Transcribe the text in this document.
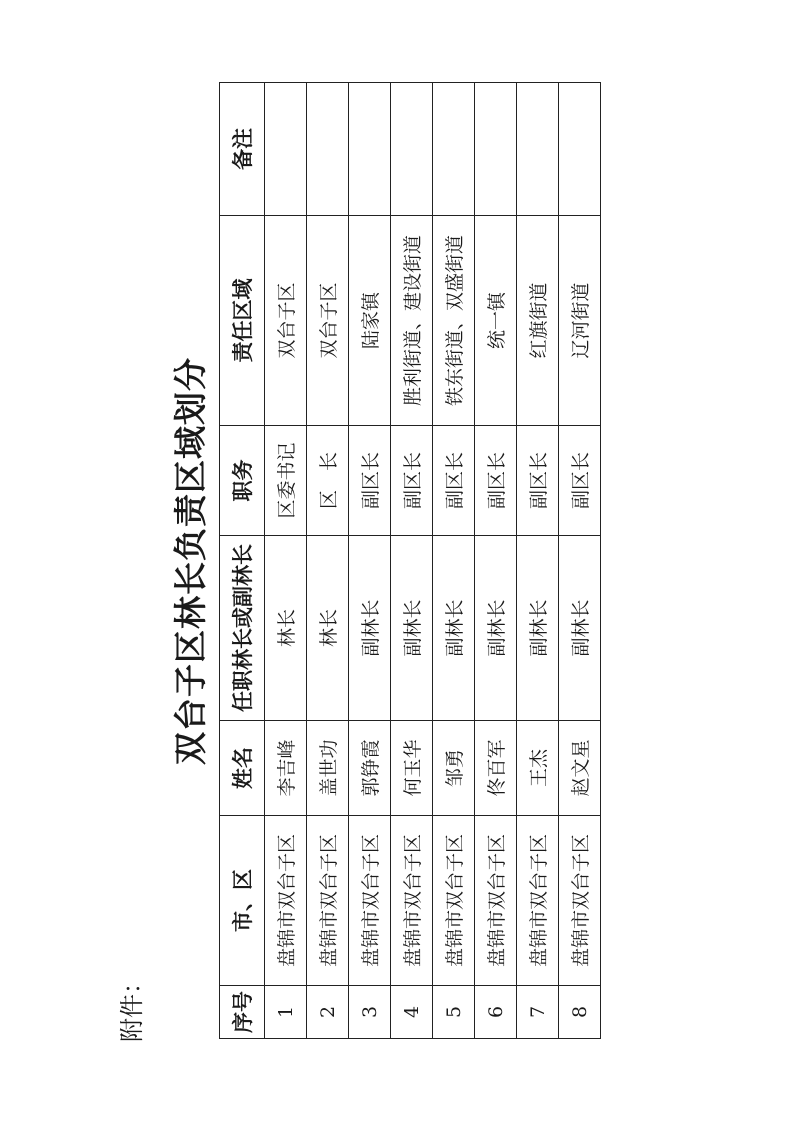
附件：
双台子区林长负责区域划分
序号	市、区	姓名	任职林长或副林长	职务	责任区域	备注
1	盘锦市双台子区	李吉峰	林长	区委书记	双台子区	
2	盘锦市双台子区	盖世功	林长	区　长	双台子区	
3	盘锦市双台子区	郭铮霞	副林长	副区长	陆家镇	
4	盘锦市双台子区	何玉华	副林长	副区长	胜利街道、建设街道	
5	盘锦市双台子区	邹勇	副林长	副区长	铁东街道、双盛街道	
6	盘锦市双台子区	佟百军	副林长	副区长	统一镇	
7	盘锦市双台子区	王杰	副林长	副区长	红旗街道	
8	盘锦市双台子区	赵文星	副林长	副区长	辽河街道	
